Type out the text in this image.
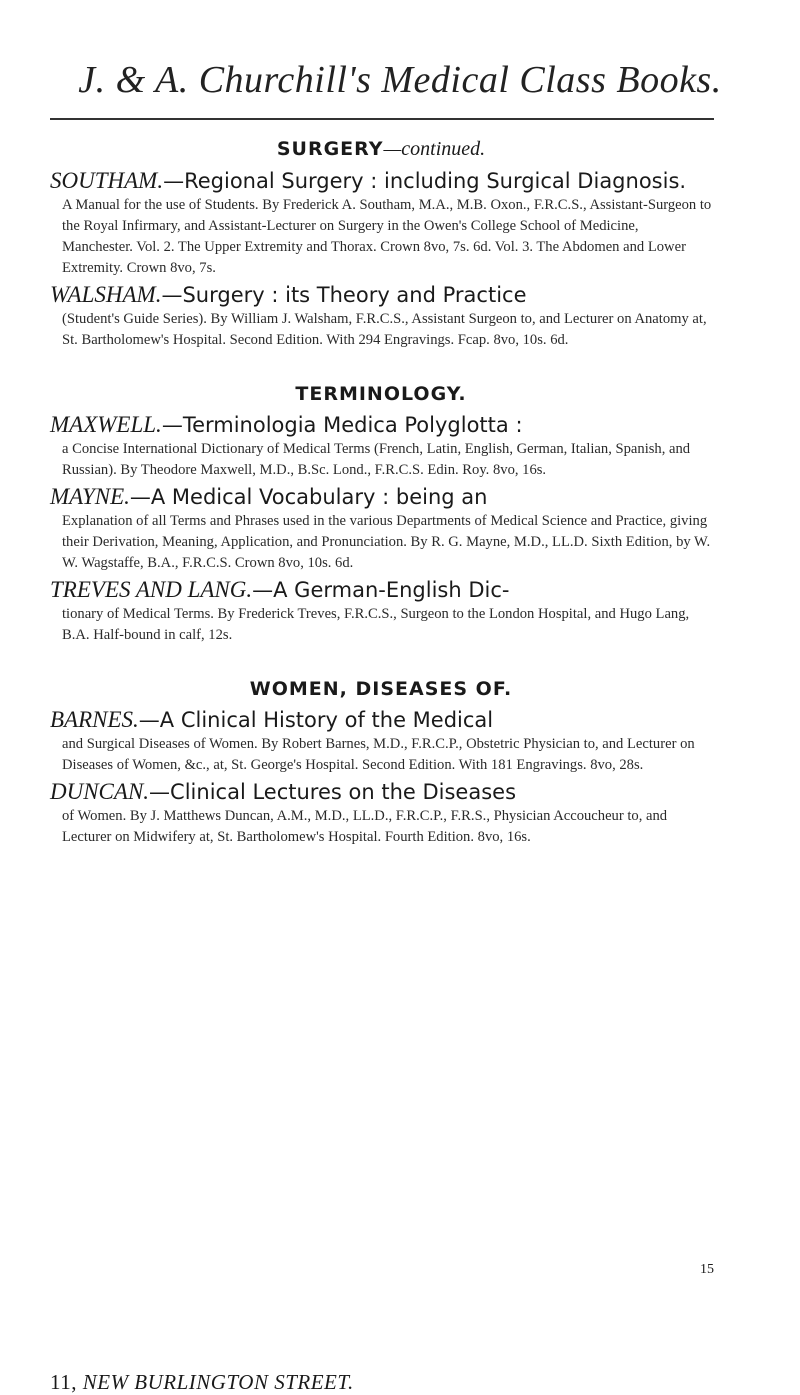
J. & A. Churchill's Medical Class Books.
SURGERY—continued.

SOUTHAM.—Regional Surgery : including Surgical Diagnosis.

A Manual for the use of Students. By Frederick A. Southam, M.A., M.B. Oxon., F.R.C.S., Assistant-Surgeon to the Royal Infirmary, and Assistant-Lecturer on Surgery in the Owen's College School of Medicine, Manchester. Vol. 2. The Upper Extremity and Thorax. Crown 8vo, 7s. 6d. Vol. 3. The Abdomen and Lower Extremity. Crown 8vo, 7s.

WALSHAM.—Surgery : its Theory and Practice

(Student's Guide Series). By William J. Walsham, F.R.C.S., Assistant Surgeon to, and Lecturer on Anatomy at, St. Bartholomew's Hospital. Second Edition. With 294 Engravings. Fcap. 8vo, 10s. 6d.

TERMINOLOGY.

MAXWELL.—Terminologia Medica Polyglotta :

a Concise International Dictionary of Medical Terms (French, Latin, English, German, Italian, Spanish, and Russian). By Theodore Maxwell, M.D., B.Sc. Lond., F.R.C.S. Edin. Roy. 8vo, 16s.

MAYNE.—A Medical Vocabulary : being an

Explanation of all Terms and Phrases used in the various Departments of Medical Science and Practice, giving their Derivation, Meaning, Application, and Pronunciation. By R. G. Mayne, M.D., LL.D. Sixth Edition, by W. W. Wagstaffe, B.A., F.R.C.S. Crown 8vo, 10s. 6d.

TREVES AND LANG.—A German-English Dic-

tionary of Medical Terms. By Frederick Treves, F.R.C.S., Surgeon to the London Hospital, and Hugo Lang, B.A. Half-bound in calf, 12s.

WOMEN, DISEASES OF.

BARNES.—A Clinical History of the Medical

and Surgical Diseases of Women. By Robert Barnes, M.D., F.R.C.P., Obstetric Physician to, and Lecturer on Diseases of Women, &c., at, St. George's Hospital. Second Edition. With 181 Engravings. 8vo, 28s.

DUNCAN.—Clinical Lectures on the Diseases

of Women. By J. Matthews Duncan, A.M., M.D., LL.D., F.R.C.P., F.R.S., Physician Accoucheur to, and Lecturer on Midwifery at, St. Bartholomew's Hospital. Fourth Edition. 8vo, 16s.

11, NEW BURLINGTON STREET.
15
